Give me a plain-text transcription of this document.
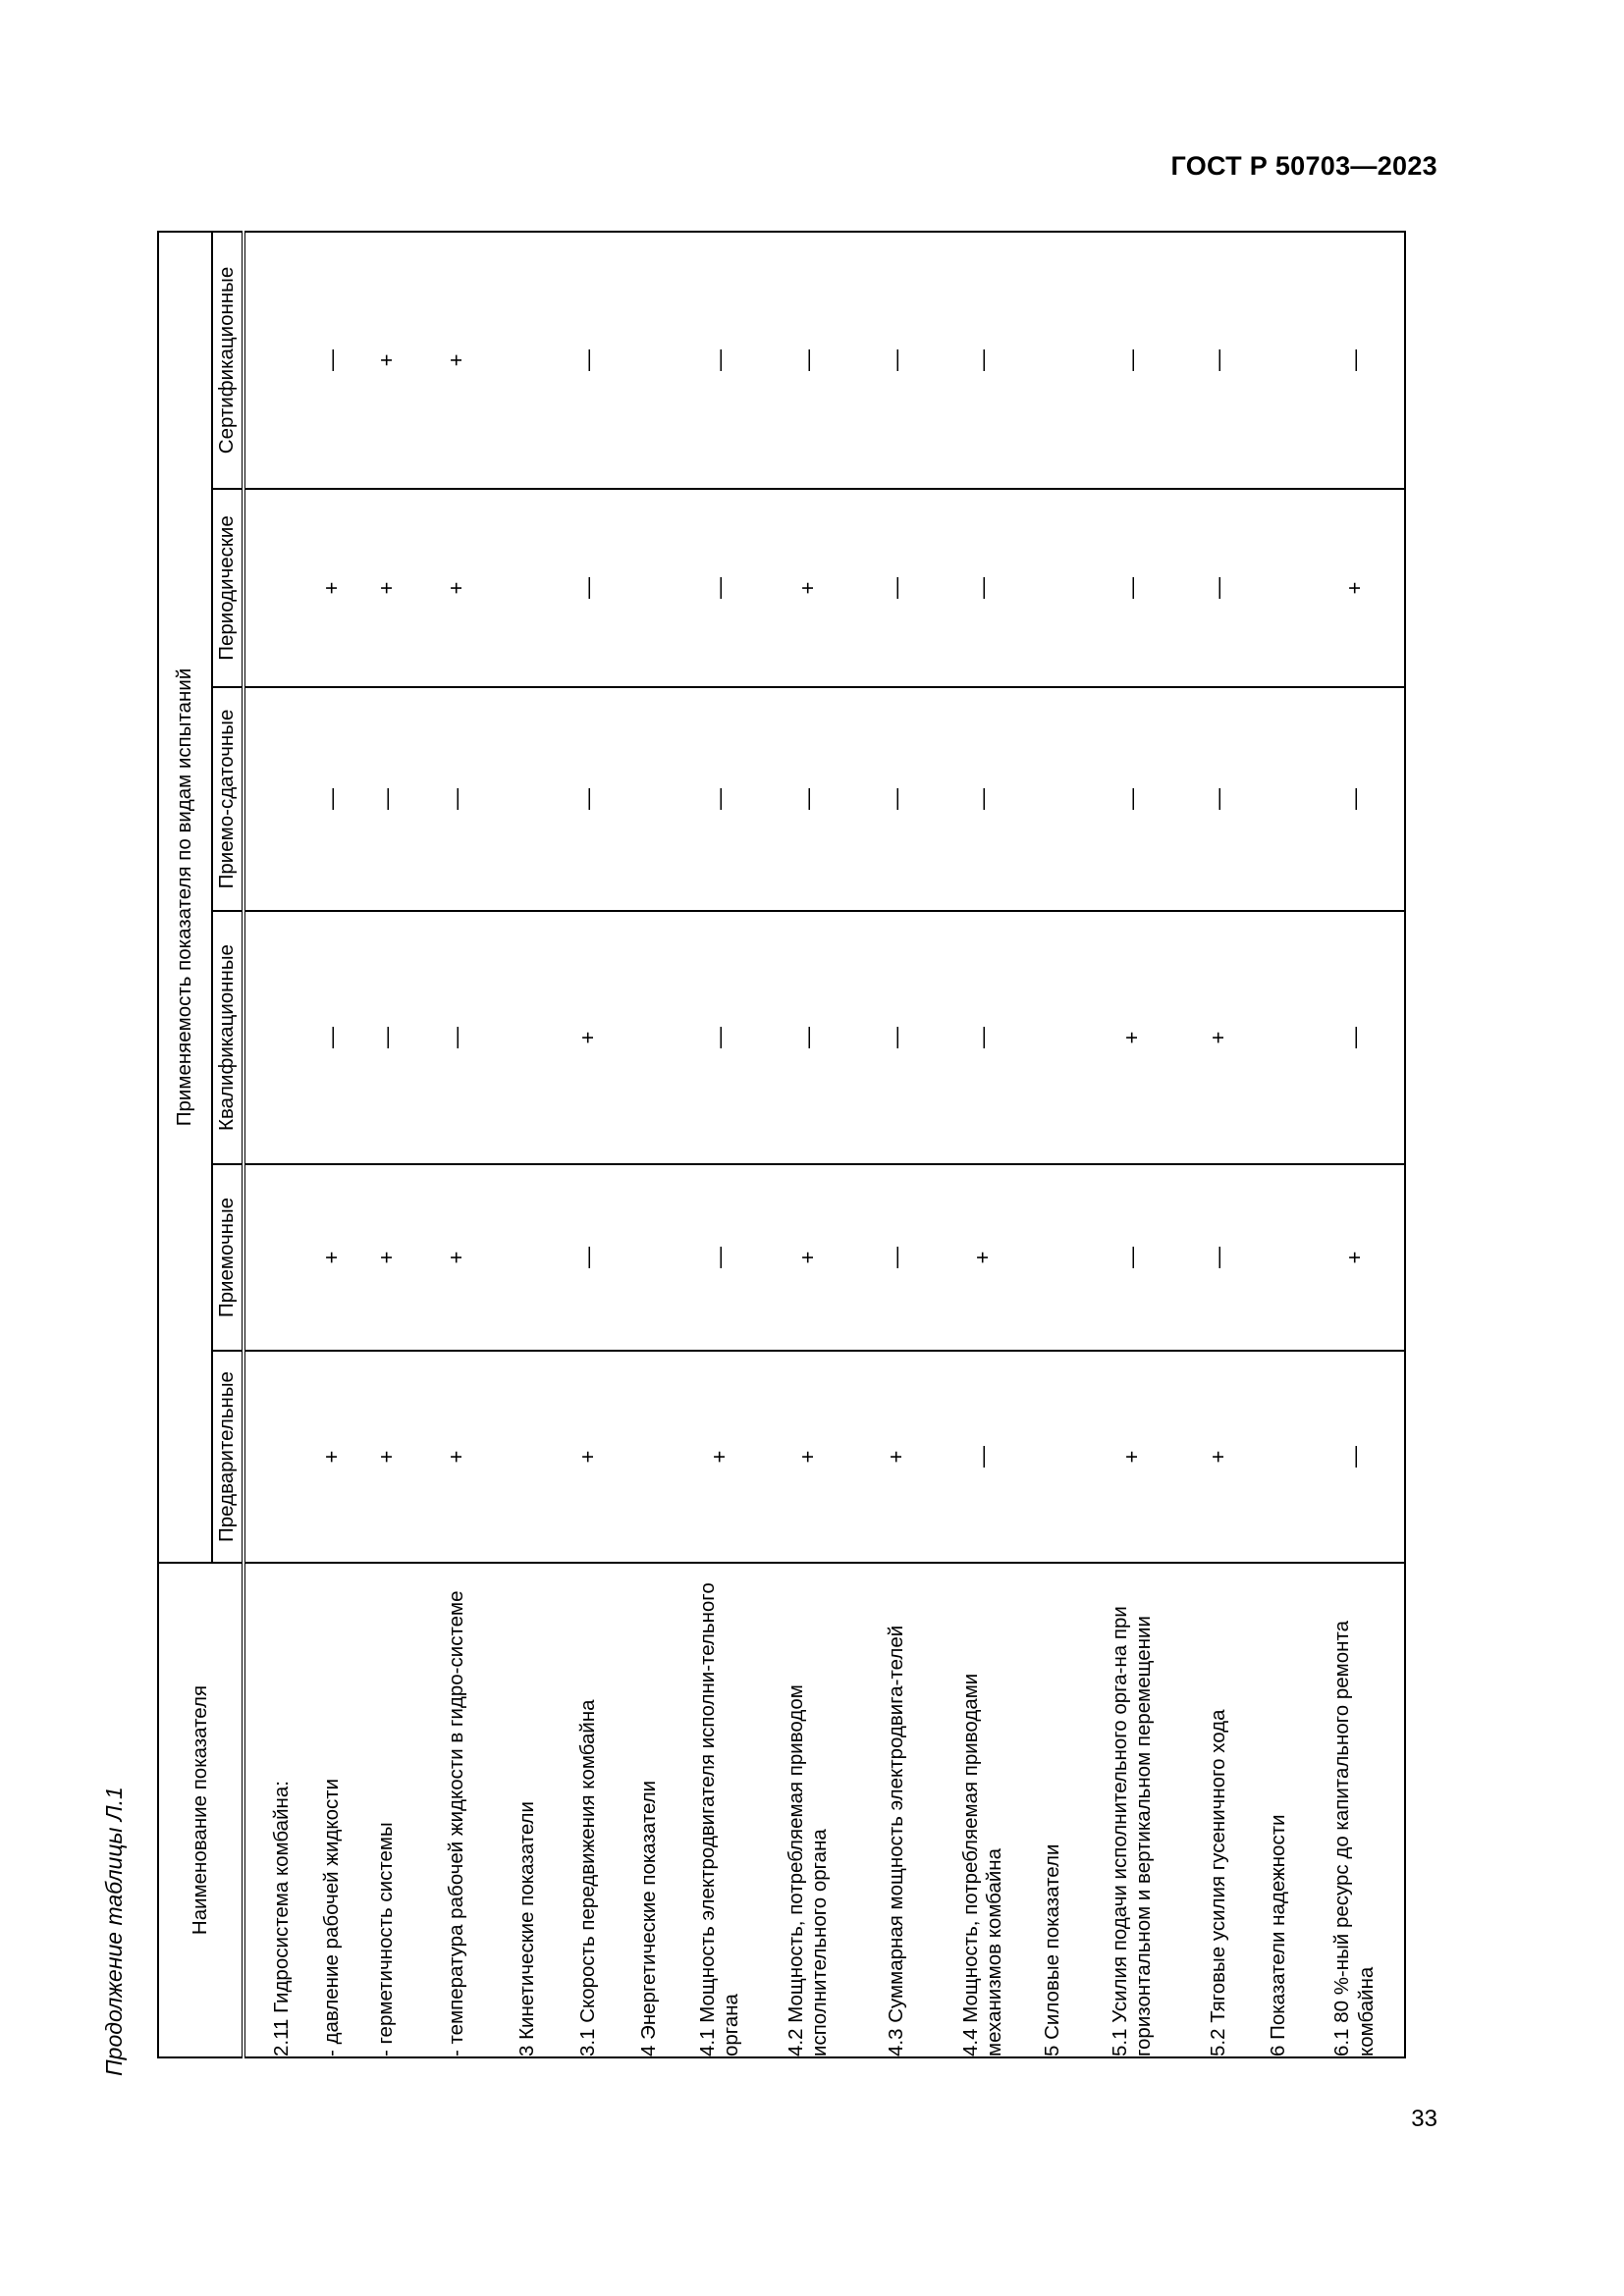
ГОСТ Р 50703—2023
Продолжение таблицы Л.1	Наименование показателя	Применяемость показателя по видам испытаний					
	Предварительные	Приемочные	Квалификационные	Приемо-сдаточные	Периодические	Сертификационные
2.11 Гидросистема комбайна:						
- давление рабочей жидкости	+	+	—	—	+	—
- герметичность системы	+	+	—	—	+	+
- температура рабочей жидкости в гидро-системе	+	+	—	—	+	+
3 Кинетические показатели						
3.1 Скорость передвижения комбайна	+	—	+	—	—	—
4 Энергетические показатели						
4.1 Мощность электродвигателя исполни-тельного органа	+	—	—	—	—	—
4.2 Мощность, потребляемая приводом исполнительного органа	+	+	—	—	+	—
4.3 Суммарная мощность электродвига-телей	+	—	—	—	—	—
4.4 Мощность, потребляемая приводами механизмов комбайна	—	+	—	—	—	—
5 Силовые показатели						
5.1 Усилия подачи исполнительного орга-на при горизонтальном и вертикальном перемещении	+	—	+	—	—	—
5.2 Тяговые усилия гусеничного хода	+	—	+	—	—	—
6 Показатели надежности						
6.1 80 %-ный ресурс до капитального ремонта комбайна	—	+	—	—	+	—
33
